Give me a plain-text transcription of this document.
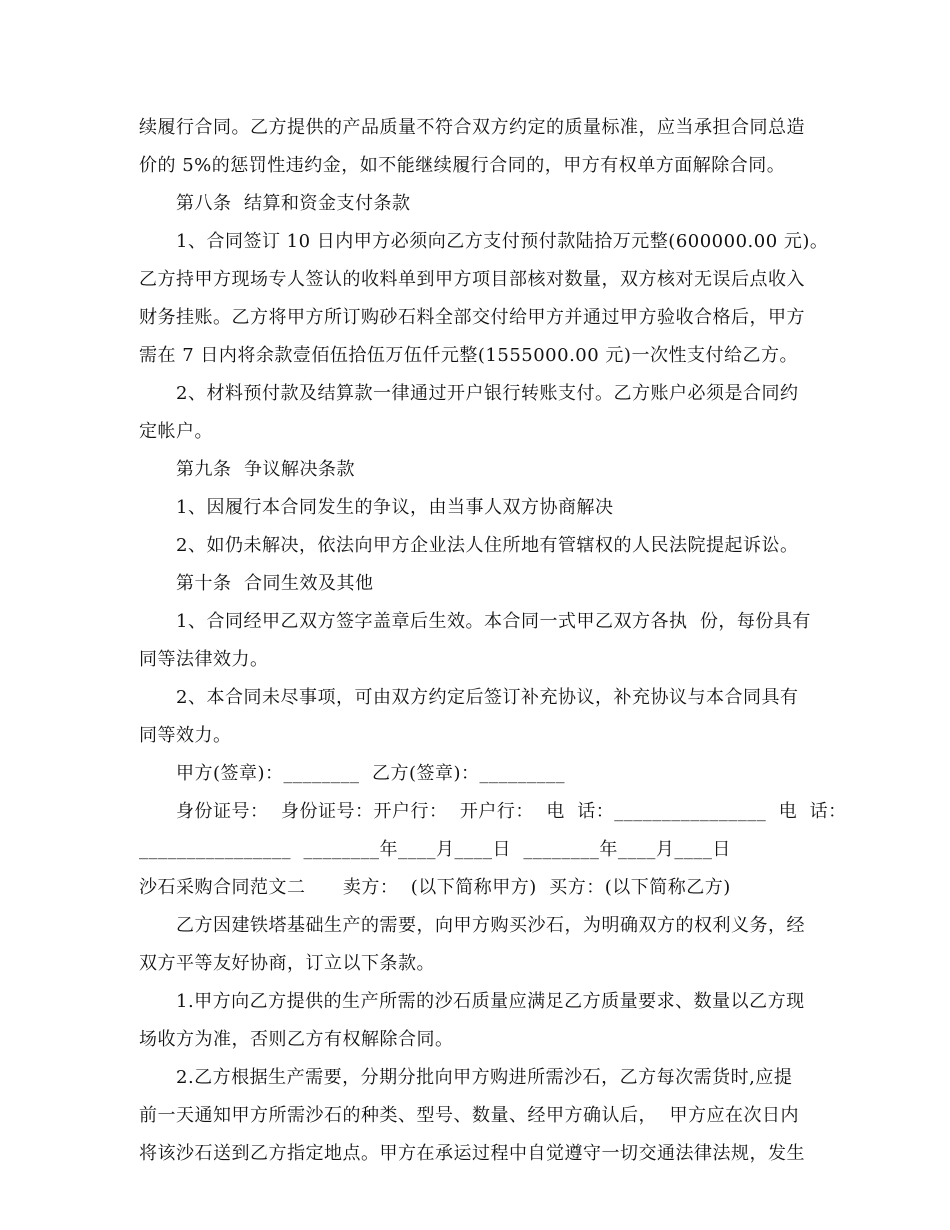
续履行合同。乙方提供的产品质量不符合双方约定的质量标准，应当承担合同总造
价的 5%的惩罚性违约金，如不能继续履行合同的，甲方有权单方面解除合同。
第八条  结算和资金支付条款
1、合同签订 10 日内甲方必须向乙方支付预付款陆拾万元整(600000.00 元)。
乙方持甲方现场专人签认的收料单到甲方项目部核对数量，双方核对无误后点收入
财务挂账。乙方将甲方所订购砂石料全部交付给甲方并通过甲方验收合格后，甲方
需在 7 日内将余款壹佰伍拾伍万伍仟元整(1555000.00 元)一次性支付给乙方。
2、材料预付款及结算款一律通过开户银行转账支付。乙方账户必须是合同约
定帐户。
第九条  争议解决条款
1、因履行本合同发生的争议，由当事人双方协商解决
2、如仍未解决，依法向甲方企业法人住所地有管辖权的人民法院提起诉讼。
第十条  合同生效及其他
1、合同经甲乙双方签字盖章后生效。本合同一式甲乙双方各执  份，每份具有
同等法律效力。
2、本合同未尽事项，可由双方约定后签订补充协议，补充协议与本合同具有
同等效力。
甲方(签章)：________  乙方(签章)：_________
身份证号：  身份证号：开户行：  开户行：  电  话：________________  电  话：
________________  ________年____月____日  ________年____月____日
沙石采购合同范文二      卖方：  (以下简称甲方)  买方：(以下简称乙方)
乙方因建铁塔基础生产的需要，向甲方购买沙石，为明确双方的权利义务，经
双方平等友好协商，订立以下条款。
1.甲方向乙方提供的生产所需的沙石质量应满足乙方质量要求、数量以乙方现
场收方为准，否则乙方有权解除合同。
2.乙方根据生产需要，分期分批向甲方购进所需沙石，乙方每次需货时,应提
前一天通知甲方所需沙石的种类、型号、数量、经甲方确认后，  甲方应在次日内
将该沙石送到乙方指定地点。甲方在承运过程中自觉遵守一切交通法律法规，发生
